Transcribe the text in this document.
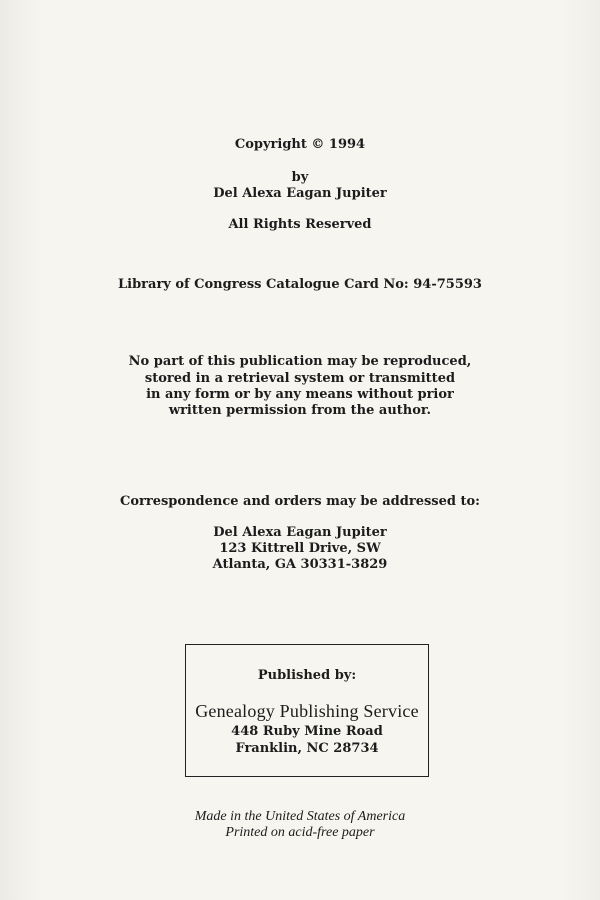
Copyright © 1994
by
Del Alexa Eagan Jupiter
All Rights Reserved
Library of Congress Catalogue Card No: 94-75593
No part of this publication may be reproduced,
stored in a retrieval system or transmitted
in any form or by any means without prior
written permission from the author.
Correspondence and orders may be addressed to:
Del Alexa Eagan Jupiter
123 Kittrell Drive, SW
Atlanta, GA 30331-3829
Published by:
Genealogy Publishing Service
448 Ruby Mine Road
Franklin, NC 28734
Made in the United States of America
Printed on acid-free paper
